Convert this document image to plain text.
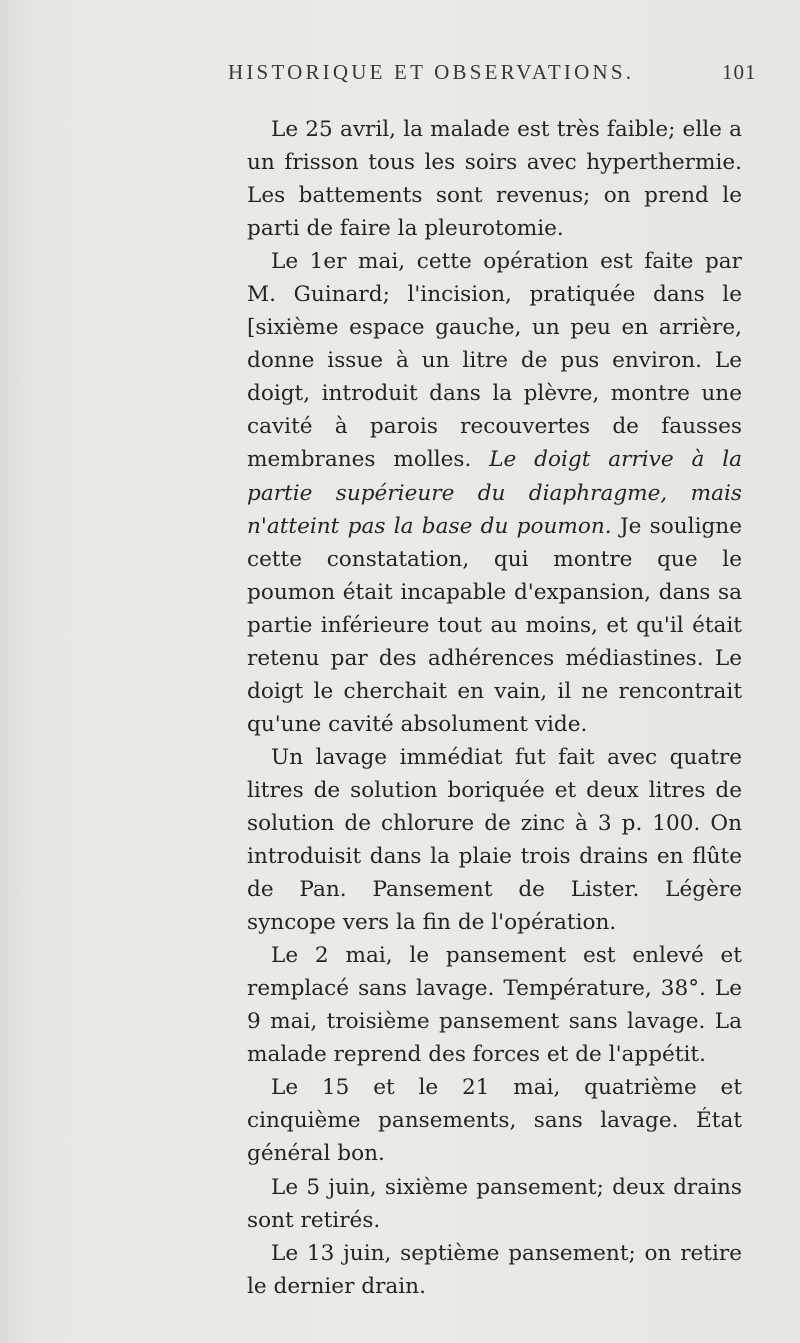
HISTORIQUE ET OBSERVATIONS.	101

Le 25 avril, la malade est très faible; elle a un frisson tous les soirs avec hyperthermie. Les battements sont revenus; on prend le parti de faire la pleurotomie.

Le 1er mai, cette opération est faite par M. Guinard; l'incision, pratiquée dans le [sixième espace gauche, un peu en arrière, donne issue à un litre de pus environ. Le doigt, introduit dans la plèvre, montre une cavité à parois recouvertes de fausses membranes molles. Le doigt arrive à la partie supérieure du diaphragme, mais n'atteint pas la base du poumon. Je souligne cette constatation, qui montre que le poumon était incapable d'expansion, dans sa partie inférieure tout au moins, et qu'il était retenu par des adhérences médiastines. Le doigt le cherchait en vain, il ne rencontrait qu'une cavité absolument vide.

Un lavage immédiat fut fait avec quatre litres de solution boriquée et deux litres de solution de chlorure de zinc à 3 p. 100. On introduisit dans la plaie trois drains en flûte de Pan. Pansement de Lister. Légère syncope vers la fin de l'opération.

Le 2 mai, le pansement est enlevé et remplacé sans lavage. Température, 38°. Le 9 mai, troisième pansement sans lavage. La malade reprend des forces et de l'appétit.

Le 15 et le 21 mai, quatrième et cinquième pansements, sans lavage. État général bon.

Le 5 juin, sixième pansement; deux drains sont retirés.

Le 13 juin, septième pansement; on retire le dernier drain.
